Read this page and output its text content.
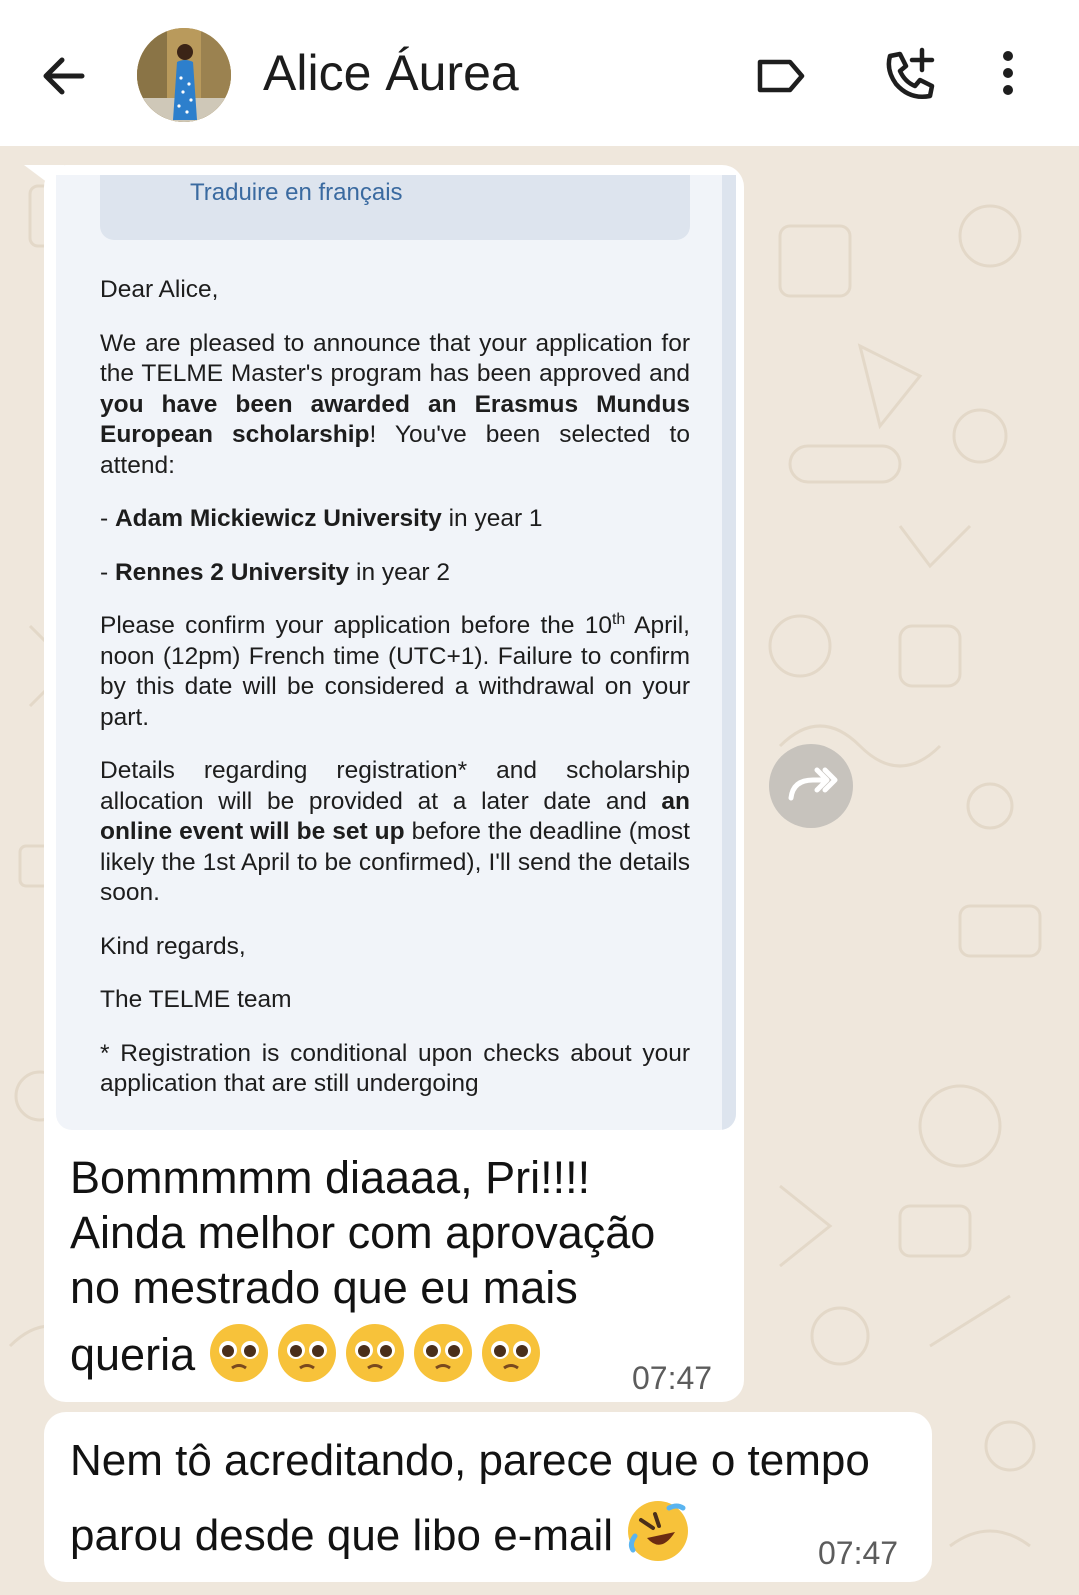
Alice Áurea
Traduire en français

Dear Alice,

We are pleased to announce that your application for the TELME Master's program has been approved and you have been awarded an Erasmus Mundus European scholarship! You've been selected to attend:

- Adam Mickiewicz University in year 1

- Rennes 2 University in year 2

Please confirm your application before the 10th April, noon (12pm) French time (UTC+1). Failure to confirm by this date will be considered a withdrawal on your part.

Details regarding registration* and scholarship allocation will be provided at a later date and an online event will be set up before the deadline (most likely the 1st April to be confirmed), I'll send the details soon.

Kind regards,

The TELME team

* Registration is conditional upon checks about your application that are still undergoing

Bommmmm diaaaa, Pri!!!!
Ainda melhor com aprovação
no mestrado que eu mais
queria	07:47
Nem tô acreditando, parece que o tempo
parou desde que libo e-mail	07:47
